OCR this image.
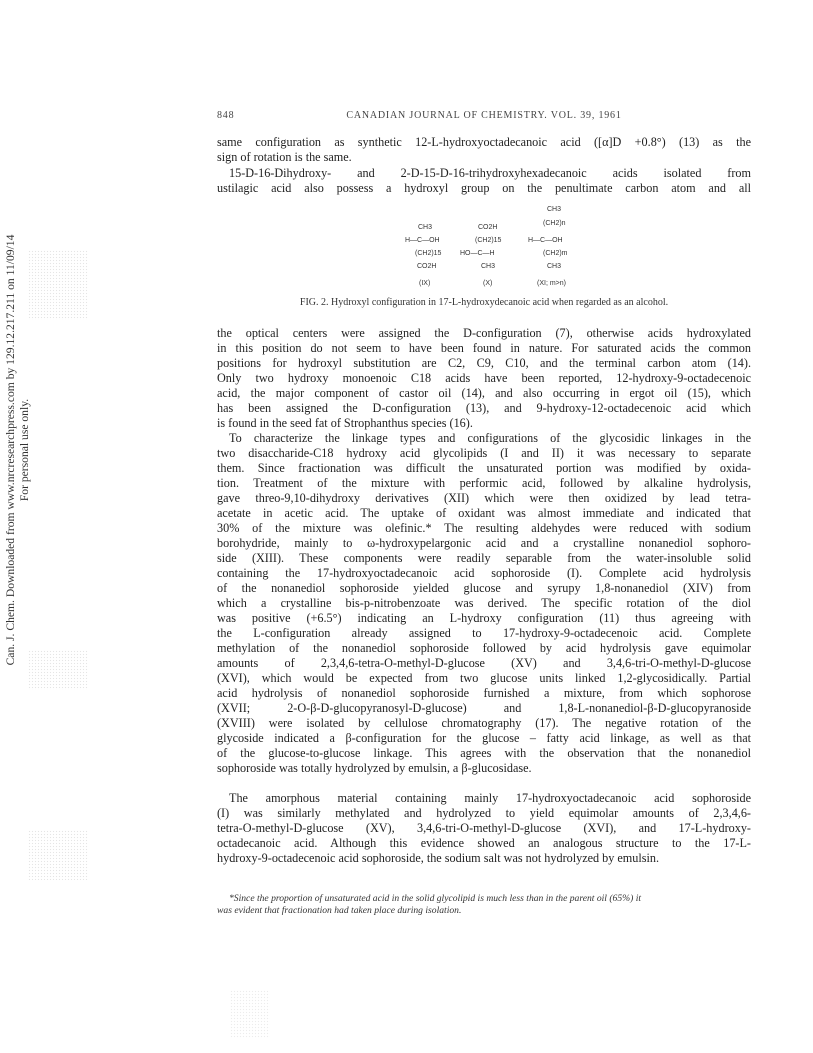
Can. J. Chem. Downloaded from www.nrcresearchpress.com by 129.12.217.211 on 11/09/14 For personal use only.
848	CANADIAN JOURNAL OF CHEMISTRY. VOL. 39, 1961
same configuration as synthetic 12-L-hydroxyoctadecanoic acid ([α]D +0.8°) (13) as the
sign of rotation is the same.
15-D-16-Dihydroxy- and 2-D-15-D-16-trihydroxyhexadecanoic acids isolated from
ustilagic acid also possess a hydroxyl group on the penultimate carbon atom and all
CH3
H—C—OH
(CH2)15
CO2H
(IX)
CO2H
(CH2)15
HO—C—H
CH3
(X)
CH3
(CH2)n
H—C—OH
(CH2)m
CH3
(XI; m>n)
FIG. 2. Hydroxyl configuration in 17-L-hydroxydecanoic acid when regarded as an alcohol.
the optical centers were assigned the D-configuration (7), otherwise acids hydroxylated
in this position do not seem to have been found in nature. For saturated acids the common
positions for hydroxyl substitution are C2, C9, C10, and the terminal carbon atom (14).
Only two hydroxy monoenoic C18 acids have been reported, 12-hydroxy-9-octadecenoic
acid, the major component of castor oil (14), and also occurring in ergot oil (15), which
has been assigned the D-configuration (13), and 9-hydroxy-12-octadecenoic acid which
is found in the seed fat of Strophanthus species (16).
To characterize the linkage types and configurations of the glycosidic linkages in the
two disaccharide-C18 hydroxy acid glycolipids (I and II) it was necessary to separate
them. Since fractionation was difficult the unsaturated portion was modified by oxida-
tion. Treatment of the mixture with performic acid, followed by alkaline hydrolysis,
gave threo-9,10-dihydroxy derivatives (XII) which were then oxidized by lead tetra-
acetate in acetic acid. The uptake of oxidant was almost immediate and indicated that
30% of the mixture was olefinic.* The resulting aldehydes were reduced with sodium
borohydride, mainly to ω-hydroxypelargonic acid and a crystalline nonanediol sophoro-
side (XIII). These components were readily separable from the water-insoluble solid
containing the 17-hydroxyoctadecanoic acid sophoroside (I). Complete acid hydrolysis
of the nonanediol sophoroside yielded glucose and syrupy 1,8-nonanediol (XIV) from
which a crystalline bis-p-nitrobenzoate was derived. The specific rotation of the diol
was positive (+6.5°) indicating an L-hydroxy configuration (11) thus agreeing with
the L-configuration already assigned to 17-hydroxy-9-octadecenoic acid. Complete
methylation of the nonanediol sophoroside followed by acid hydrolysis gave equimolar
amounts of 2,3,4,6-tetra-O-methyl-D-glucose (XV) and 3,4,6-tri-O-methyl-D-glucose
(XVI), which would be expected from two glucose units linked 1,2-glycosidically. Partial
acid hydrolysis of nonanediol sophoroside furnished a mixture, from which sophorose
(XVII; 2-O-β-D-glucopyranosyl-D-glucose) and 1,8-L-nonanediol-β-D-glucopyranoside
(XVIII) were isolated by cellulose chromatography (17). The negative rotation of the
glycoside indicated a β-configuration for the glucose – fatty acid linkage, as well as that
of the glucose-to-glucose linkage. This agrees with the observation that the nonanediol
sophoroside was totally hydrolyzed by emulsin, a β-glucosidase.
The amorphous material containing mainly 17-hydroxyoctadecanoic acid sophoroside
(I) was similarly methylated and hydrolyzed to yield equimolar amounts of 2,3,4,6-
tetra-O-methyl-D-glucose (XV), 3,4,6-tri-O-methyl-D-glucose (XVI), and 17-L-hydroxy-
octadecanoic acid. Although this evidence showed an analogous structure to the 17-L-
hydroxy-9-octadecenoic acid sophoroside, the sodium salt was not hydrolyzed by emulsin.
*Since the proportion of unsaturated acid in the solid glycolipid is much less than in the parent oil (65%) it
was evident that fractionation had taken place during isolation.
